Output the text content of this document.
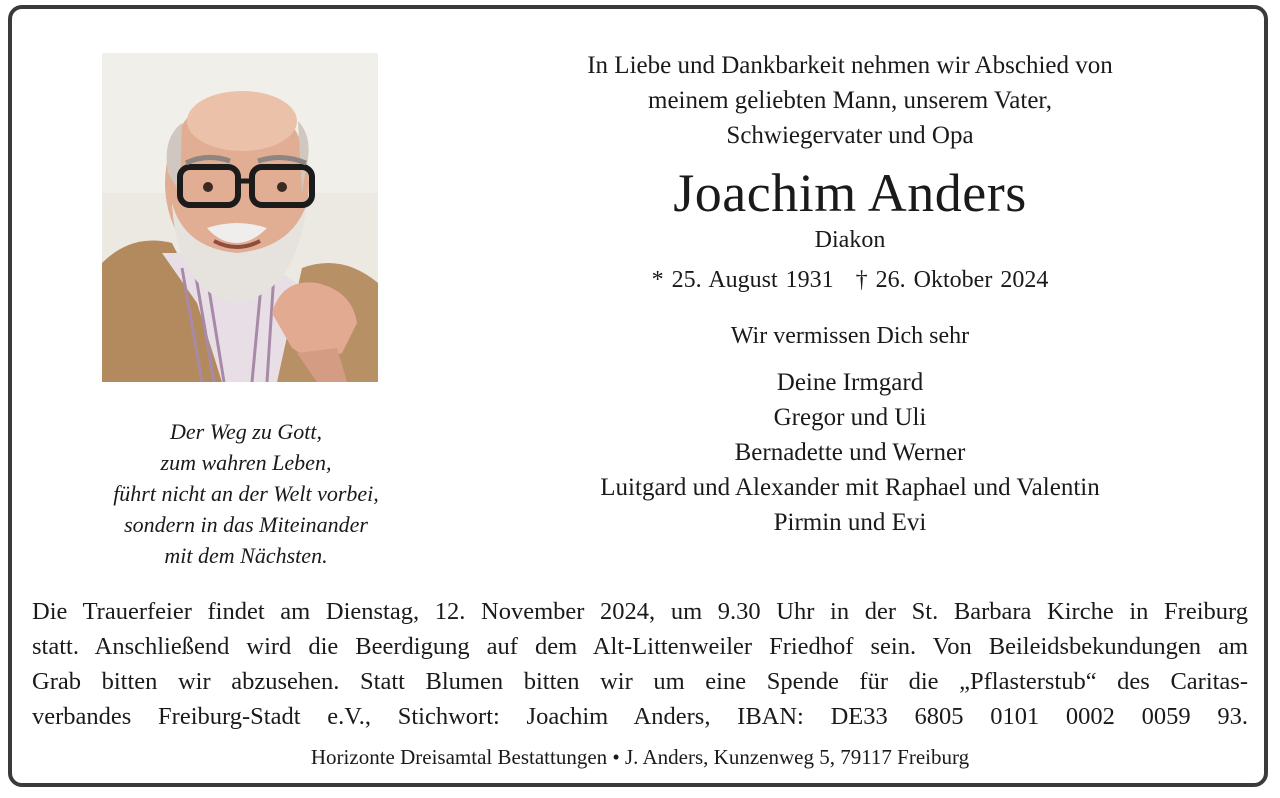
Der Weg zu Gott,
zum wahren Leben,
führt nicht an der Welt vorbei,
sondern in das Miteinander
mit dem Nächsten.
In Liebe und Dankbarkeit nehmen wir Abschied von
meinem geliebten Mann, unserem Vater,
Schwiegervater und Opa
Joachim Anders
Diakon
* 25. August 1931 † 26. Oktober 2024
Wir vermissen Dich sehr
Deine Irmgard
Gregor und Uli
Bernadette und Werner
Luitgard und Alexander mit Raphael und Valentin
Pirmin und Evi
Die Trauerfeier findet am Dienstag, 12. November 2024, um 9.30 Uhr in der St. Barbara Kirche in Freiburg
statt. Anschließend wird die Beerdigung auf dem Alt-Littenweiler Friedhof sein. Von Beileidsbekundungen am
Grab bitten wir abzusehen. Statt Blumen bitten wir um eine Spende für die „Pflasterstub“ des Caritas-
verbandes Freiburg-Stadt e.V., Stichwort: Joachim Anders, IBAN: DE33 6805 0101 0002 0059 93.
Horizonte Dreisamtal Bestattungen • J. Anders, Kunzenweg 5, 79117 Freiburg
